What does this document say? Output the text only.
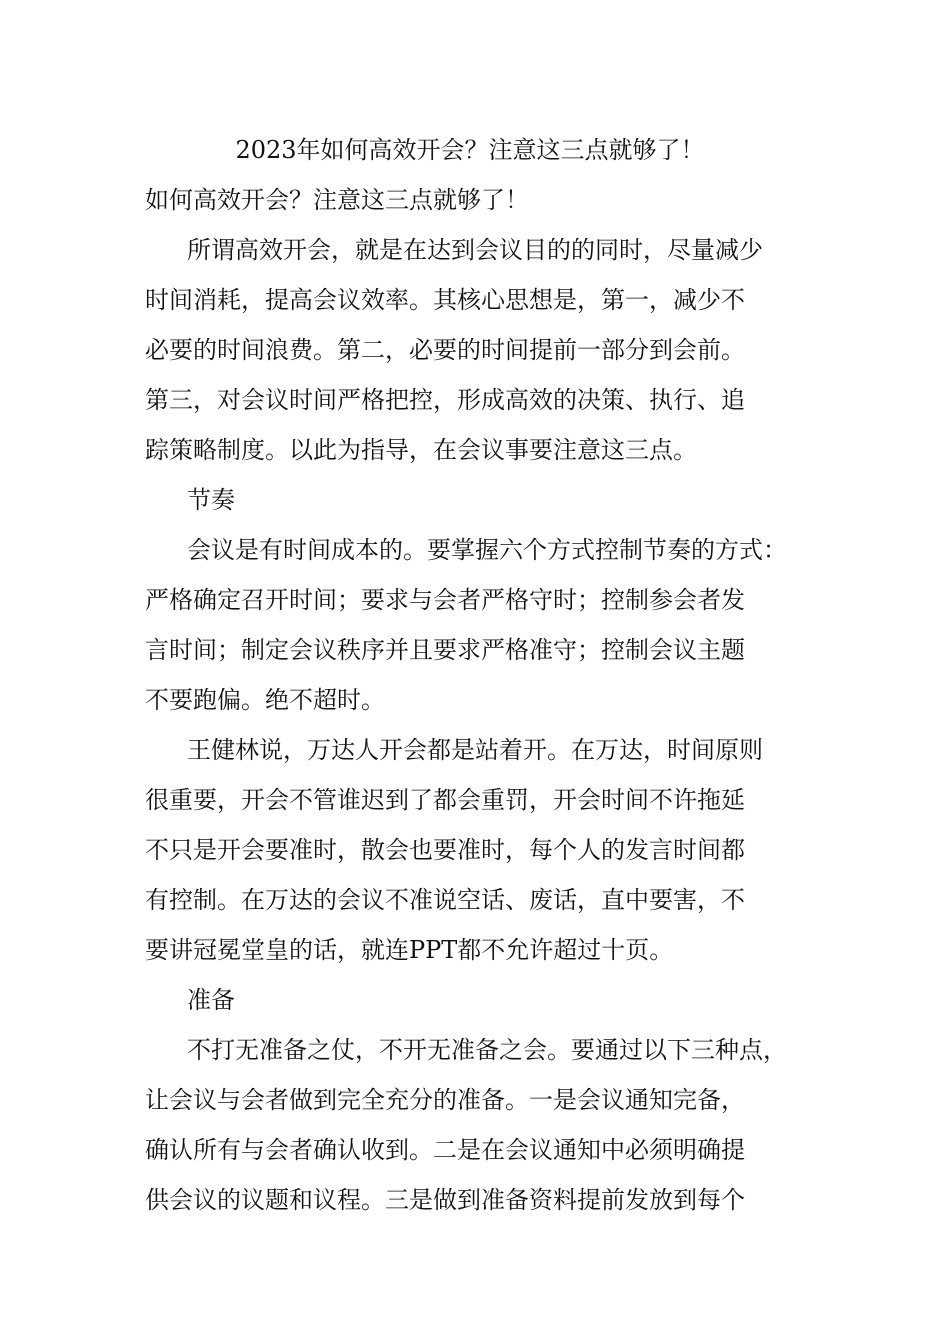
2023年如何高效开会？注意这三点就够了！

如何高效开会？注意这三点就够了！

所谓高效开会，就是在达到会议目的的同时，尽量减少

时间消耗，提高会议效率。其核心思想是，第一，减少不

必要的时间浪费。第二，必要的时间提前一部分到会前。

第三，对会议时间严格把控，形成高效的决策、执行、追

踪策略制度。以此为指导，在会议事要注意这三点。

节奏

会议是有时间成本的。要掌握六个方式控制节奏的方式：

严格确定召开时间；要求与会者严格守时；控制参会者发

言时间；制定会议秩序并且要求严格准守；控制会议主题

不要跑偏。绝不超时。

王健林说，万达人开会都是站着开。在万达，时间原则

很重要，开会不管谁迟到了都会重罚，开会时间不许拖延

不只是开会要准时，散会也要准时，每个人的发言时间都

有控制。在万达的会议不准说空话、废话，直中要害，不

要讲冠冕堂皇的话，就连PPT都不允许超过十页。

准备

不打无准备之仗，不开无准备之会。要通过以下三种点，

让会议与会者做到完全充分的准备。一是会议通知完备，

确认所有与会者确认收到。二是在会议通知中必须明确提

供会议的议题和议程。三是做到准备资料提前发放到每个
